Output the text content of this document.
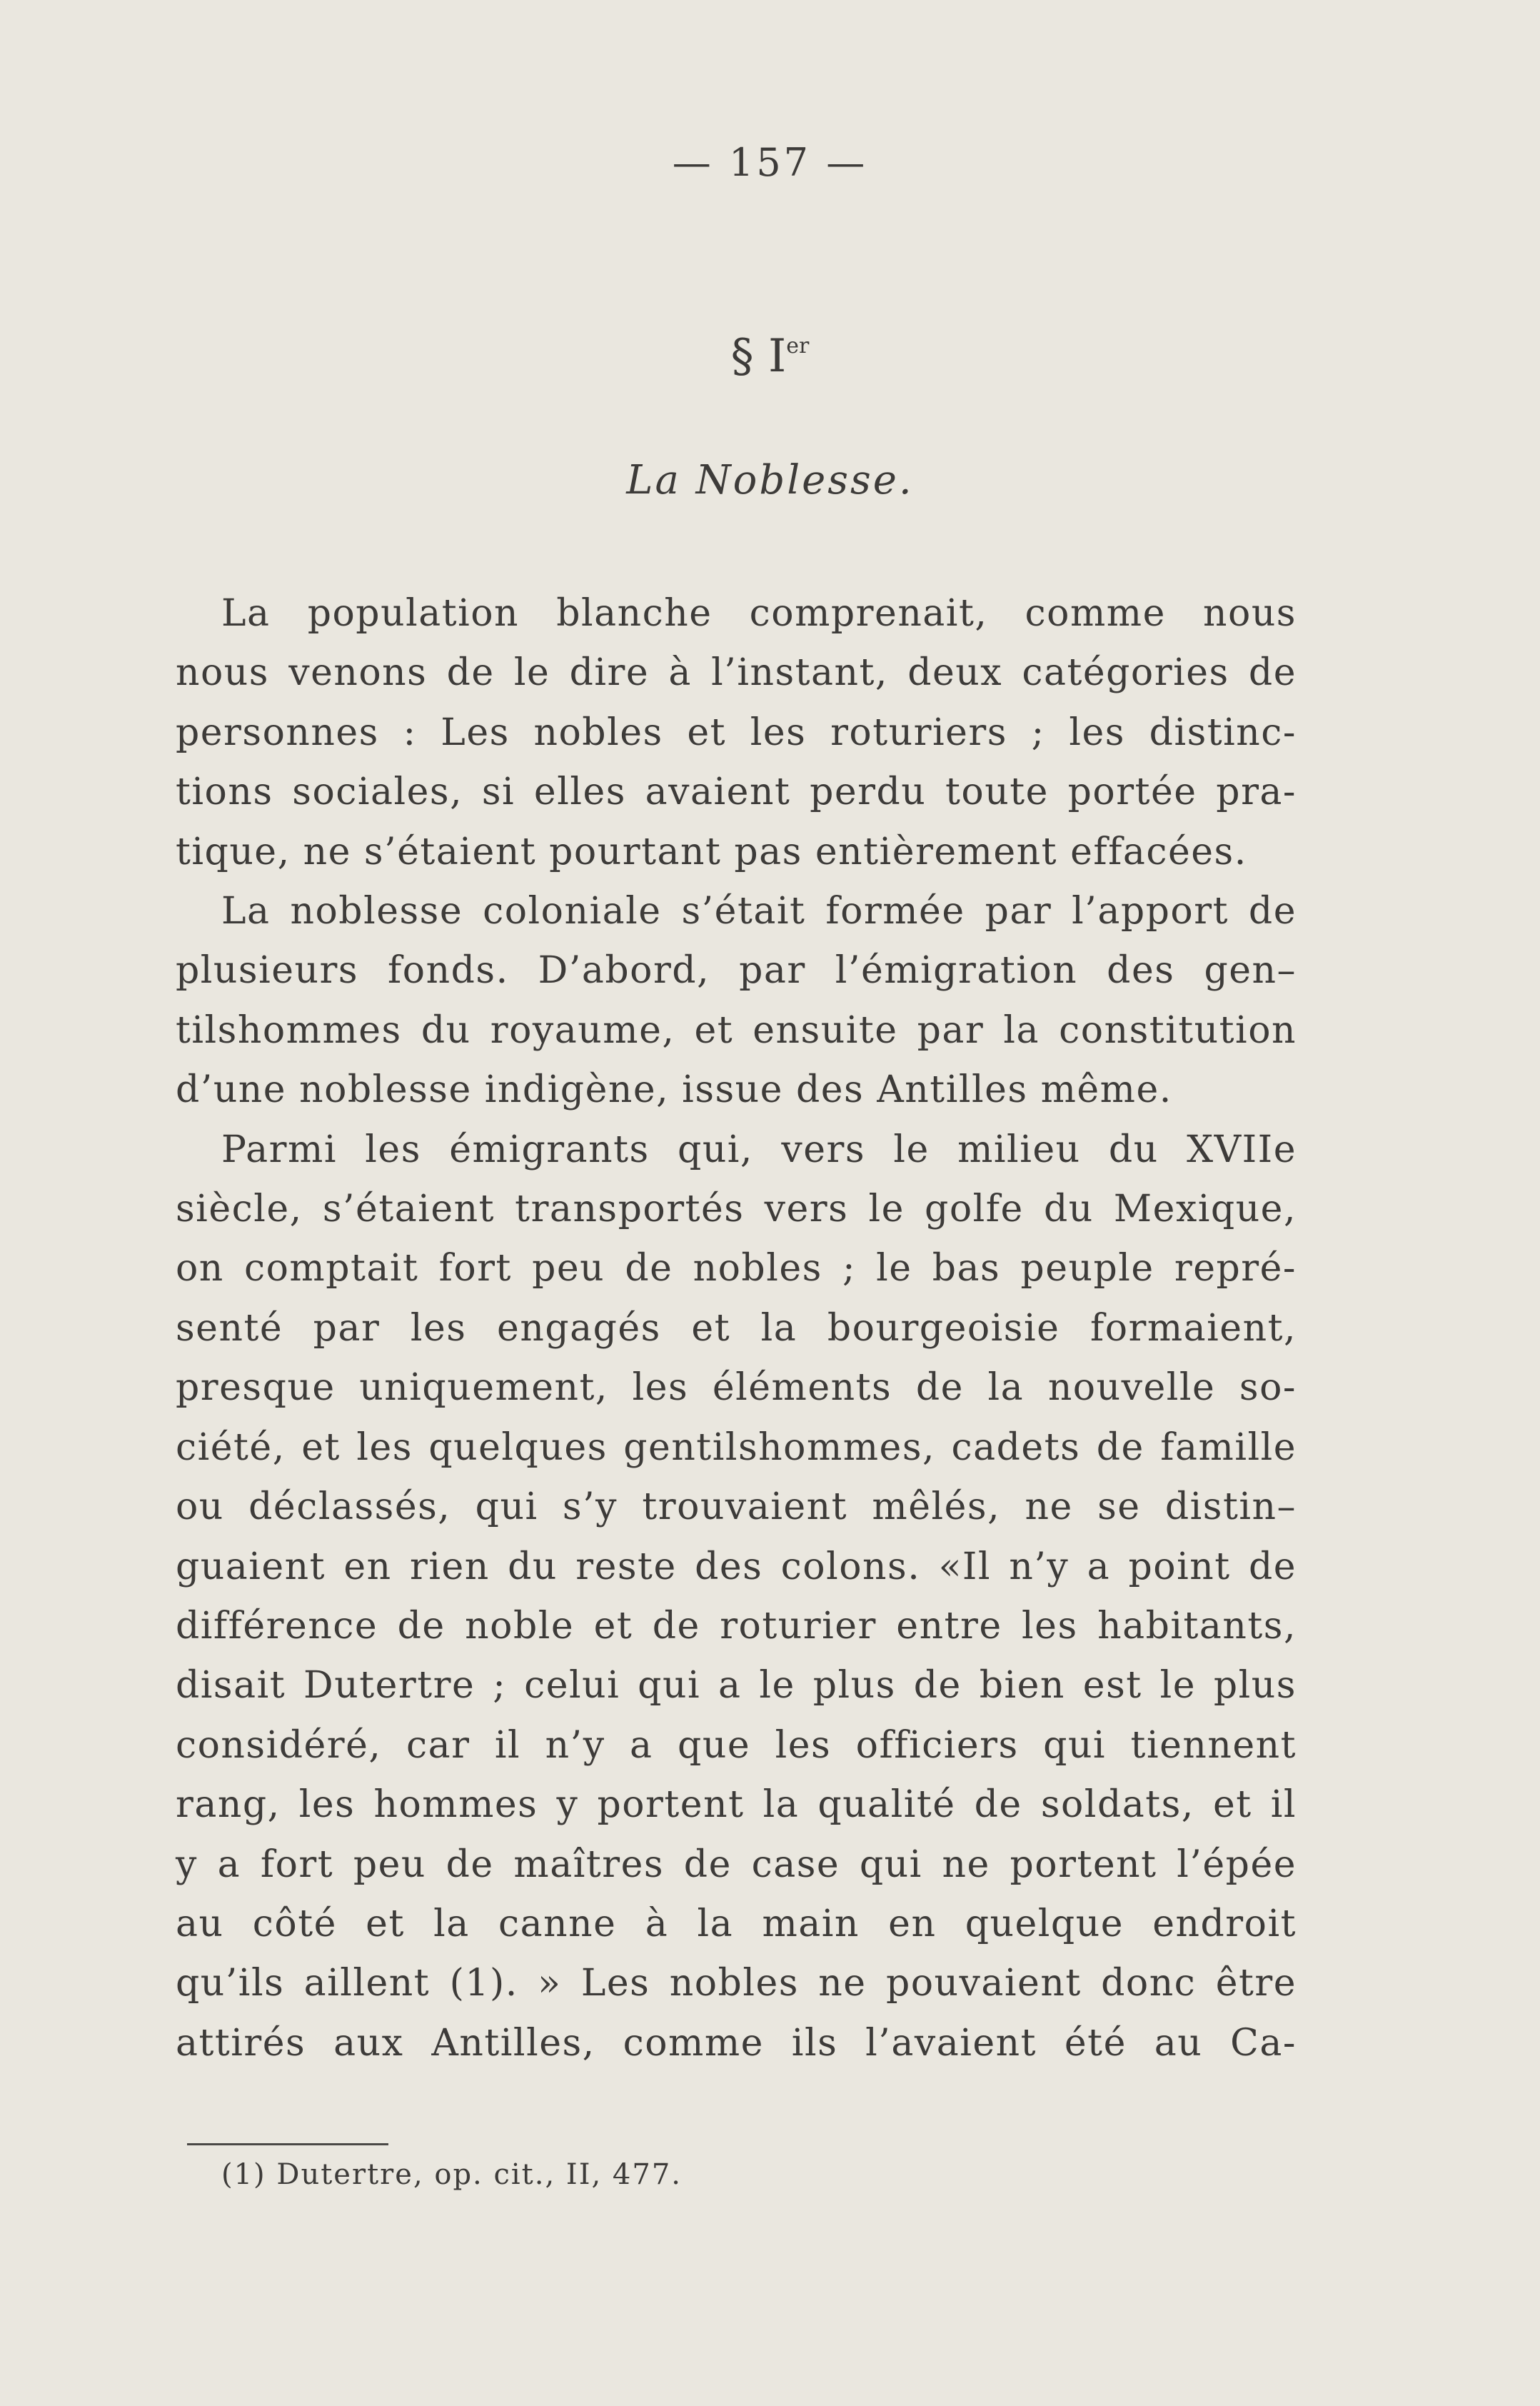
— 157 —
§ Ier
La Noblesse.
La population blanche comprenait, comme nous
nous venons de le dire à l’instant, deux catégories de
personnes : Les nobles et les roturiers ; les distinc-
tions sociales, si elles avaient perdu toute portée pra-
tique, ne s’étaient pourtant pas entièrement effacées.
La noblesse coloniale s’était formée par l’apport de
plusieurs fonds. D’abord, par l’émigration des gen–
tilshommes du royaume, et ensuite par la constitution
d’une noblesse indigène, issue des Antilles même.
Parmi les émigrants qui, vers le milieu du XVIIe
siècle, s’étaient transportés vers le golfe du Mexique,
on comptait fort peu de nobles ; le bas peuple repré-
senté par les engagés et la bourgeoisie formaient,
presque uniquement, les éléments de la nouvelle so-
ciété, et les quelques gentilshommes, cadets de famille
ou déclassés, qui s’y trouvaient mêlés, ne se distin–
guaient en rien du reste des colons. «Il n’y a point de
différence de noble et de roturier entre les habitants,
disait Dutertre ; celui qui a le plus de bien est le plus
considéré, car il n’y a que les officiers qui tiennent
rang, les hommes y portent la qualité de soldats, et il
y a fort peu de maîtres de case qui ne portent l’épée
au côté et la canne à la main en quelque endroit
qu’ils aillent (1). » Les nobles ne pouvaient donc être
attirés aux Antilles, comme ils l’avaient été au Ca-
(1) Dutertre, op. cit., II, 477.
